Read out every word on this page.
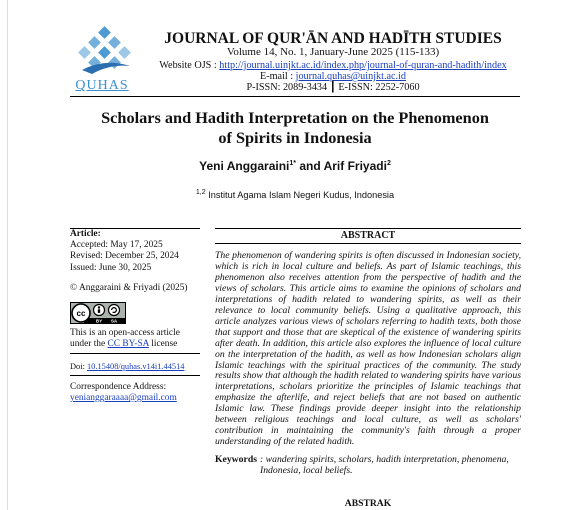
QUHAS
JOURNAL OF QUR'ĀN AND HADĪTH STUDIES
Volume 14, No. 1, January-June 2025 (115-133)
Website OJS : http://journal.uinjkt.ac.id/index.php/journal-of-quran-and-hadith/index
E-mail : journal.quhas@uinjkt.ac.id
P-ISSN: 2089-3434 ┃ E-ISSN: 2252-7060
Scholars and Hadith Interpretation on the Phenomenon of Spirits in Indonesia
Yeni Anggaraini$^{1*}$ and Arif Friyadi$^2$
$^{1,2}$ Institut Agama Islam Negeri Kudus, Indonesia
Article:
Accepted: May 17, 2025
Revised: December 25, 2024
Issued: June 30, 2025
© Anggaraini & Friyadi (2025)
cc
BY SA
This is an open-access article under the CC BY-SA license
Doi: 10.15408/quhas.v14i1.44514
Correspondence Address:
yenianggaraaaa@gmail.com
ABSTRACT
The phenomenon of wandering spirits is often discussed in Indonesian society, which is rich in local culture and beliefs. As part of Islamic teachings, this phenomenon also receives attention from the perspective of hadith and the views of scholars. This article aims to examine the opinions of scholars and interpretations of hadith related to wandering spirits, as well as their relevance to local community beliefs. Using a qualitative approach, this article analyzes various views of scholars referring to hadith texts, both those that support and those that are skeptical of the existence of wandering spirits after death. In addition, this article also explores the influence of local culture on the interpretation of the hadith, as well as how Indonesian scholars align Islamic teachings with the spiritual practices of the community. The study results show that although the hadith related to wandering spirits have various interpretations, scholars prioritize the principles of Islamic teachings that emphasize the afterlife, and reject beliefs that are not based on authentic Islamic law. These findings provide deeper insight into the relationship between religious teachings and local culture, as well as scholars' contribution in maintaining the community's faith through a proper understanding of the related hadith.
Keywords : wandering spirits, scholars, hadith interpretation, phenomena, Indonesia, local beliefs.
ABSTRAK
